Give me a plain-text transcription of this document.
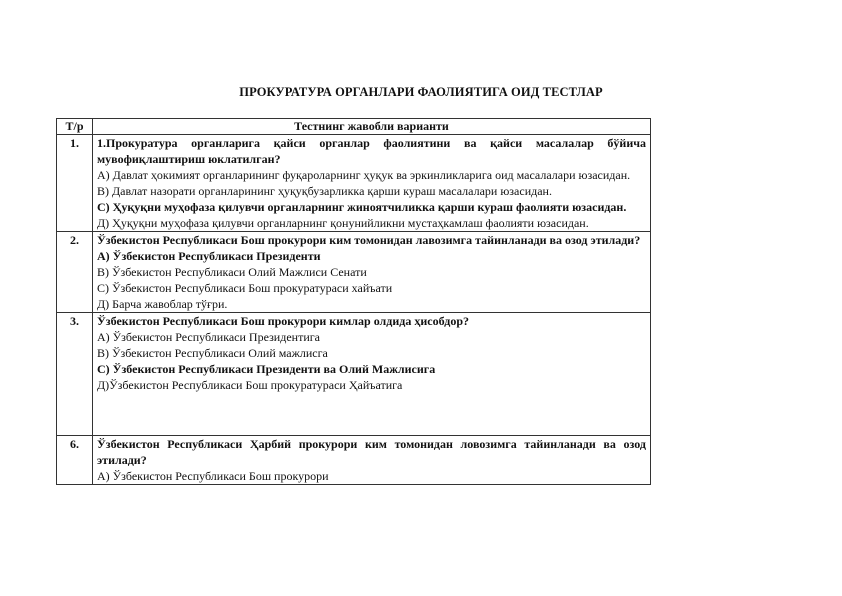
ПРОКУРАТУРА ОРГАНЛАРИ ФАОЛИЯТИГА ОИД ТЕСТЛАР
Т/р	Тестнинг жавобли варианти
1.	1.Прокуратура органларига қайси органлар фаолиятини ва қайси масалалар бўйича мувофиқлаштириш юклатилган?
А) Давлат ҳокимият органларининг фуқароларнинг ҳуқук ва эркинликларига оид масалалари юзасидан.
В) Давлат назорати органларининг ҳуқуқбузарликка қарши кураш масалалари юзасидан.
С) Ҳуқуқни муҳофаза қилувчи органларнинг жиноятчиликка қарши кураш фаолияти юзасидан.
Д) Ҳуқуқни муҳофаза қилувчи органларнинг қонунийликни мустаҳкамлаш фаолияти юзасидан.

2.	Ўзбекистон Республикаси Бош прокурори ким томонидан лавозимга тайинланади ва озод этилади?
А) Ўзбекистон Республикаси Президенти
В) Ўзбекистон Республикаси Олий Мажлиси Сенати
С) Ўзбекистон Республикаси Бош прокуратураси хайъати
Д) Барча жавоблар тўғри.

3.	Ўзбекистон Республикаси Бош прокурори кимлар олдида ҳисобдор?
А) Ўзбекистон Республикаси Президентига
В) Ўзбекистон Республикаси Олий мажлисга
С) Ўзбекистон Республикаси Президенти ва Олий Мажлисига
Д)Ўзбекистон Республикаси Бош прокуратураси Ҳайъатига

6.	Ўзбекистон Республикаси Ҳарбий прокурори ким томонидан ловозимга тайинланади ва озод этилади?
А) Ўзбекистон Республикаси Бош прокурори
